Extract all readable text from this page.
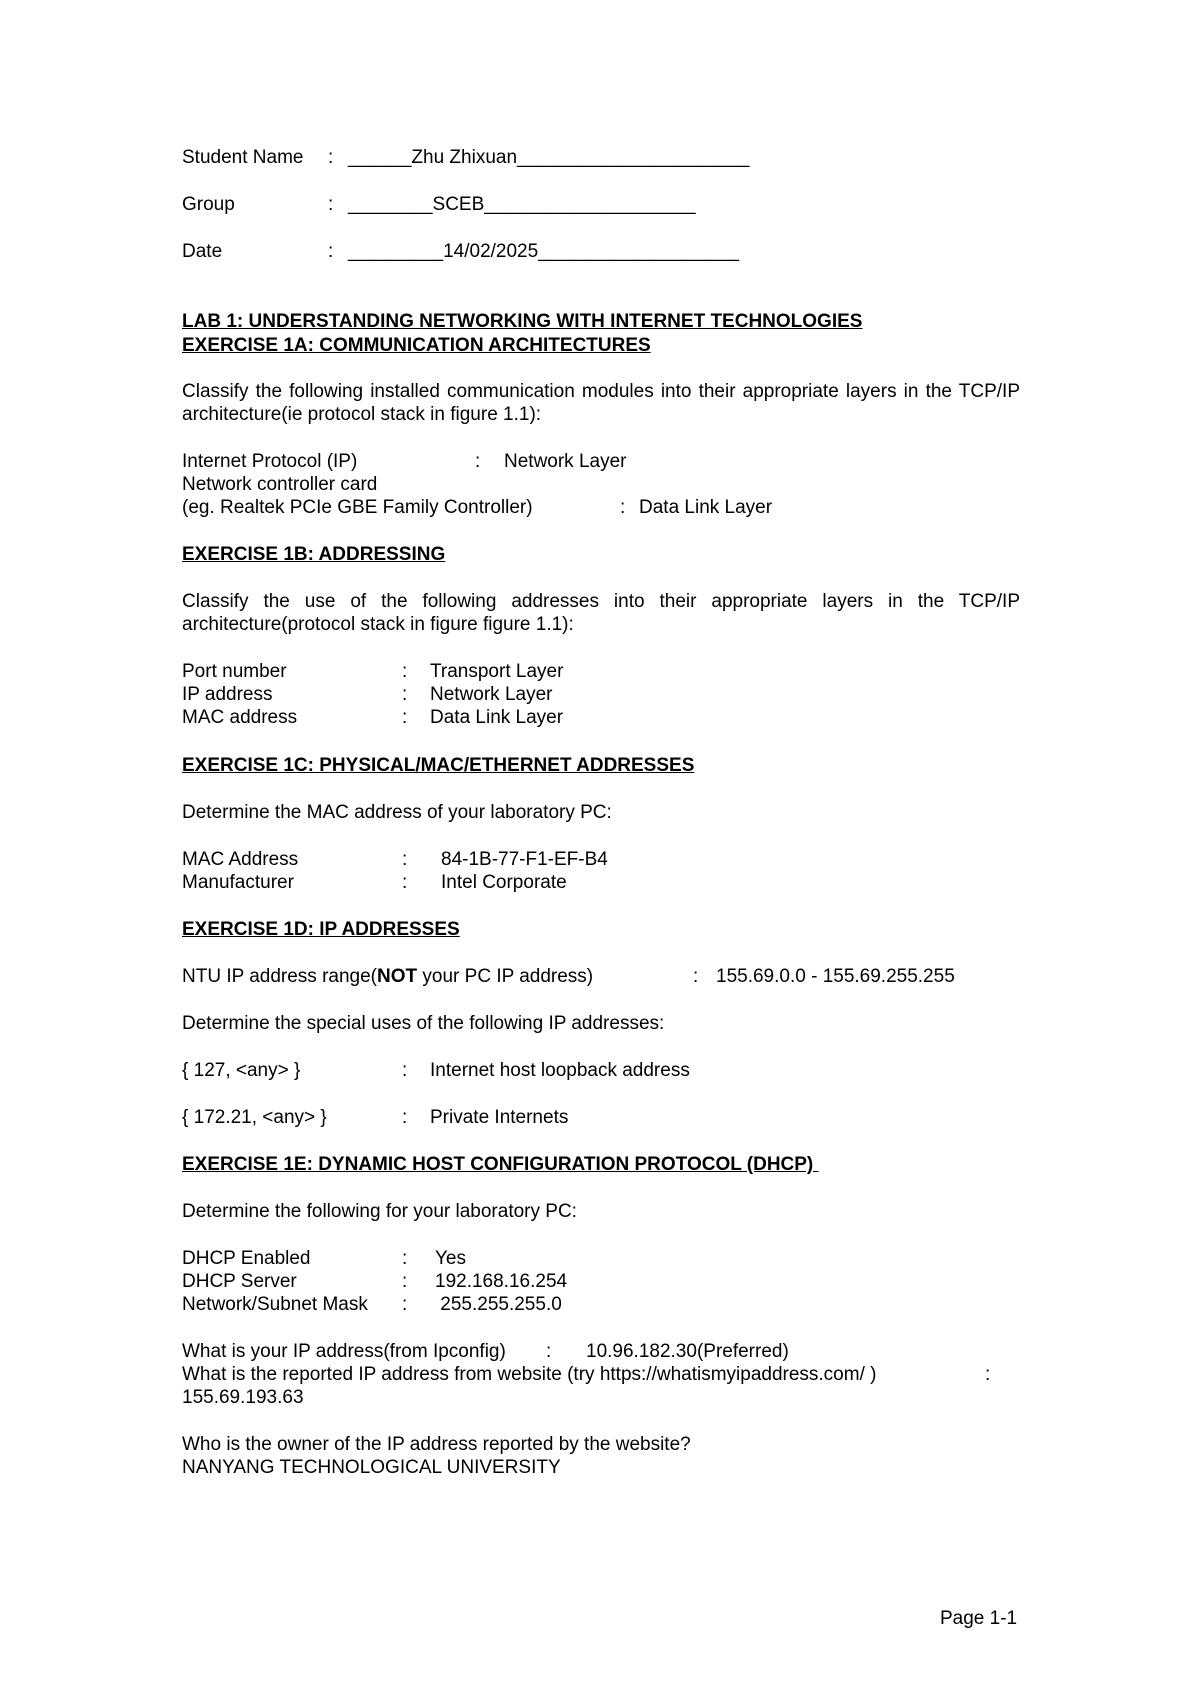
Student Name : ______Zhu Zhixuan______________________
Group	: ________SCEB____________________
Date	: _________14/02/2025___________________
LAB 1: UNDERSTANDING NETWORKING WITH INTERNET TECHNOLOGIES
EXERCISE 1A: COMMUNICATION ARCHITECTURES
Classify the following installed communication modules into their appropriate layers in the TCP/IP architecture(ie protocol stack in figure 1.1):
Internet Protocol (IP)	: Network Layer
Network controller card
(eg. Realtek PCIe GBE Family Controller)	: Data Link Layer
EXERCISE 1B: ADDRESSING
Classify the use of the following addresses into their appropriate layers in the TCP/IP architecture(protocol stack in figure figure 1.1):
Port number	: Transport Layer
IP address	: Network Layer
MAC address	: Data Link Layer
EXERCISE 1C: PHYSICAL/MAC/ETHERNET ADDRESSES
Determine the MAC address of your laboratory PC:
MAC Address	: 84-1B-77-F1-EF-B4
Manufacturer	: Intel Corporate
EXERCISE 1D: IP ADDRESSES
NTU IP address range(NOT your PC IP address)	: 155.69.0.0 - 155.69.255.255
Determine the special uses of the following IP addresses:
{ 127, <any> }	: Internet host loopback address
{ 172.21, <any> }	: Private Internets
EXERCISE 1E: DYNAMIC HOST CONFIGURATION PROTOCOL (DHCP)
Determine the following for your laboratory PC:
DHCP Enabled	: Yes
DHCP Server	: 192.168.16.254
Network/Subnet Mask : 255.255.255.0
What is your IP address(from Ipconfig) : 10.96.182.30(Preferred)
What is the reported IP address from website (try https://whatismyipaddress.com/ )	:
155.69.193.63
Who is the owner of the IP address reported by the website?
NANYANG TECHNOLOGICAL UNIVERSITY
Page 1-1
